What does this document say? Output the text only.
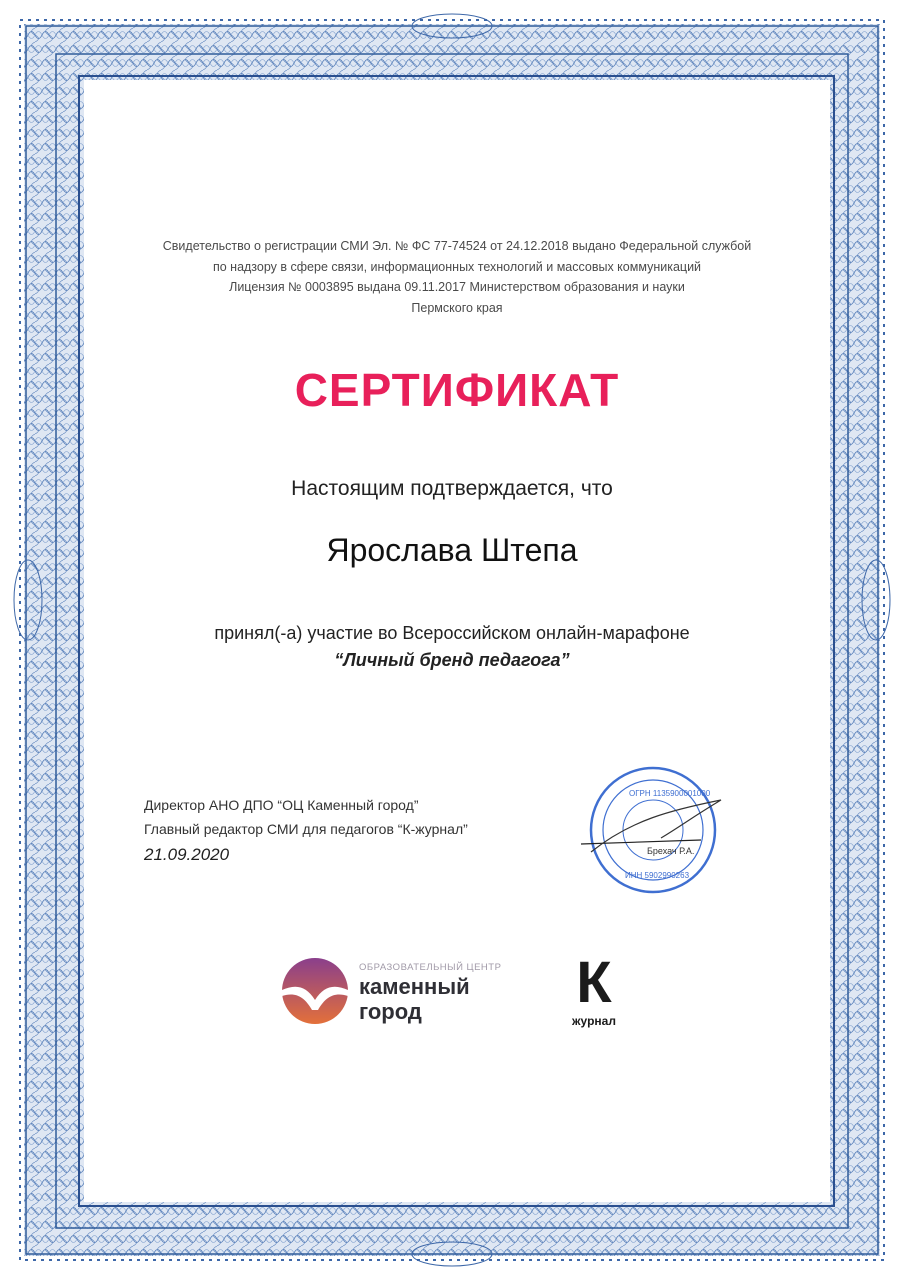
Свидетельство о регистрации СМИ Эл. № ФС 77-74524 от 24.12.2018 выдано Федеральной службой
по надзору в сфере связи, информационных технологий и массовых коммуникаций
Лицензия № 0003895 выдана 09.11.2017 Министерством образования и науки
Пермского края
СЕРТИФИКАТ
Настоящим подтверждается, что
Ярослава Штепа
принял(-а) участие во Всероссийском онлайн-марафоне
“Личный бренд педагога”
Директор АНО ДПО “ОЦ Каменный город”
Главный редактор СМИ для педагогов “К-журнал”
21.09.2020
ОГРН 1135900001000
ИНН 5902990263
Брехач Р.А.
ОБРАЗОВАТЕЛЬНЫЙ ЦЕНТР
каменный
город	К
журнал
